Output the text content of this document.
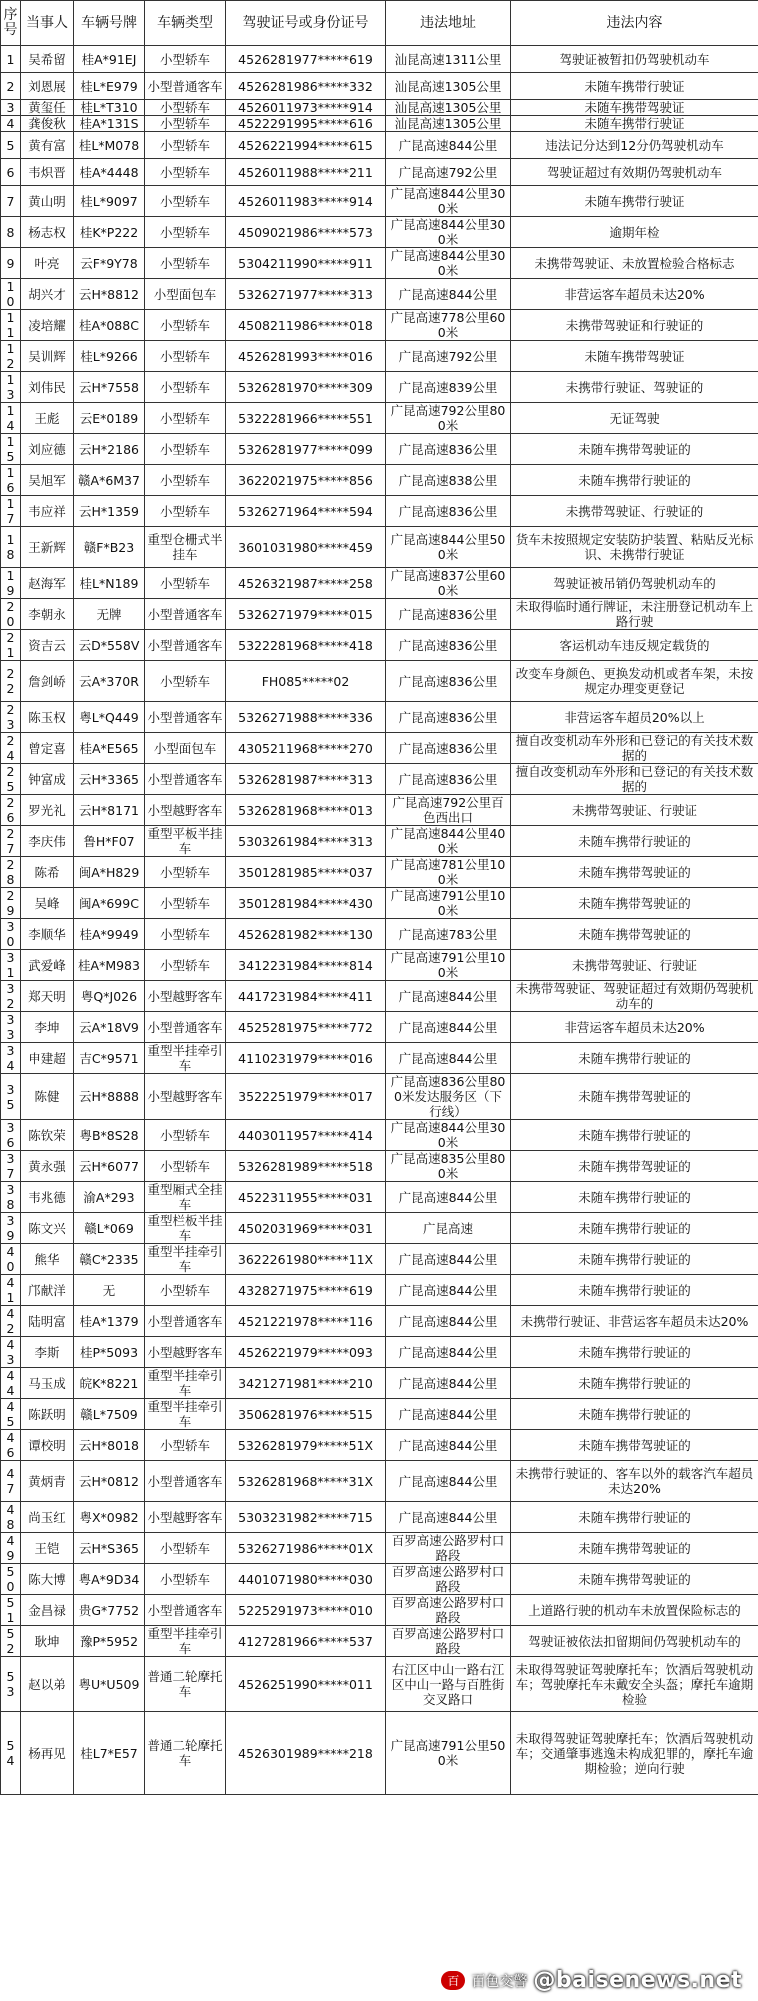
序号	当事人	车辆号牌	车辆类型	驾驶证号或身份证号	违法地址	违法内容
1	吴希留	桂A*91EJ	小型轿车	4526281977*****619	汕昆高速1311公里	驾驶证被暂扣仍驾驶机动车
2	刘恩展	桂L*E979	小型普通客车	4526281986*****332	汕昆高速1305公里	未随车携带行驶证
3	黄玺任	桂L*T310	小型轿车	4526011973*****914	汕昆高速1305公里	未随车携带驾驶证
4	龚俊秋	桂A*131S	小型轿车	4522291995*****616	汕昆高速1305公里	未随车携带行驶证
5	黄有富	桂L*M078	小型轿车	4526221994*****615	广昆高速844公里	违法记分达到12分仍驾驶机动车
6	韦炽晋	桂A*4448	小型轿车	4526011988*****211	广昆高速792公里	驾驶证超过有效期仍驾驶机动车
7	黄山明	桂L*9097	小型轿车	4526011983*****914	广昆高速844公里300米	未随车携带行驶证
8	杨志权	桂K*P222	小型轿车	4509021986*****573	广昆高速844公里300米	逾期年检
9	叶亮	云F*9Y78	小型轿车	5304211990*****911	广昆高速844公里300米	未携带驾驶证、未放置检验合格标志
10	胡兴才	云H*8812	小型面包车	5326271977*****313	广昆高速844公里	非营运客车超员未达20%
11	凌培耀	桂A*088C	小型轿车	4508211986*****018	广昆高速778公里600米	未携带驾驶证和行驶证的
12	吴训辉	桂L*9266	小型轿车	4526281993*****016	广昆高速792公里	未随车携带驾驶证
13	刘伟民	云H*7558	小型轿车	5326281970*****309	广昆高速839公里	未携带行驶证、驾驶证的
14	王彪	云E*0189	小型轿车	5322281966*****551	广昆高速792公里800米	无证驾驶
15	刘应德	云H*2186	小型轿车	5326281977*****099	广昆高速836公里	未随车携带驾驶证的
16	吴旭军	赣A*6M37	小型轿车	3622021975*****856	广昆高速838公里	未随车携带行驶证的
17	韦应祥	云H*1359	小型轿车	5326271964*****594	广昆高速836公里	未携带驾驶证、行驶证的
18	王新辉	赣F*B23	重型仓栅式半挂车	3601031980*****459	广昆高速844公里500米	货车未按照规定安装防护装置、粘贴反光标识、未携带行驶证
19	赵海军	桂L*N189	小型轿车	4526321987*****258	广昆高速837公里600米	驾驶证被吊销仍驾驶机动车的
20	李朝永	无牌	小型普通客车	5326271979*****015	广昆高速836公里	未取得临时通行牌证，未注册登记机动车上路行驶
21	资吉云	云D*558V	小型普通客车	5322281968*****418	广昆高速836公里	客运机动车违反规定载货的
22	詹剑峤	云A*370R	小型轿车	FH085*****02	广昆高速836公里	改变车身颜色、更换发动机或者车架，未按规定办理变更登记
23	陈玉权	粤L*Q449	小型普通客车	5326271988*****336	广昆高速836公里	非营运客车超员20%以上
24	曾定喜	桂A*E565	小型面包车	4305211968*****270	广昆高速836公里	擅自改变机动车外形和已登记的有关技术数据的
25	钟富成	云H*3365	小型普通客车	5326281987*****313	广昆高速836公里	擅自改变机动车外形和已登记的有关技术数据的
26	罗光礼	云H*8171	小型越野客车	5326281968*****013	广昆高速792公里百色西出口	未携带驾驶证、行驶证
27	李庆伟	鲁H*F07	重型平板半挂车	5303261984*****313	广昆高速844公里400米	未随车携带行驶证的
28	陈希	闽A*H829	小型轿车	3501281985*****037	广昆高速781公里100米	未随车携带驾驶证的
29	吴峰	闽A*699C	小型轿车	3501281984*****430	广昆高速791公里100米	未随车携带驾驶证的
30	李顺华	桂A*9949	小型轿车	4526281982*****130	广昆高速783公里	未随车携带驾驶证的
31	武爱峰	桂A*M983	小型轿车	3412231984*****814	广昆高速791公里100米	未携带驾驶证、行驶证
32	郑天明	粤Q*J026	小型越野客车	4417231984*****411	广昆高速844公里	未携带驾驶证、驾驶证超过有效期仍驾驶机动车的
33	李坤	云A*18V9	小型普通客车	4525281975*****772	广昆高速844公里	非营运客车超员未达20%
34	申建超	吉C*9571	重型半挂牵引车	4110231979*****016	广昆高速844公里	未随车携带行驶证的
35	陈健	云H*8888	小型越野客车	3522251979*****017	广昆高速836公里800米发达服务区（下行线）	未随车携带驾驶证的
36	陈钦荣	粤B*8S28	小型轿车	4403011957*****414	广昆高速844公里300米	未随车携带行驶证的
37	黄永强	云H*6077	小型轿车	5326281989*****518	广昆高速835公里800米	未随车携带驾驶证的
38	韦兆德	渝A*293	重型厢式全挂车	4522311955*****031	广昆高速844公里	未随车携带行驶证的
39	陈文兴	赣L*069	重型栏板半挂车	4502031969*****031	广昆高速	未随车携带行驶证的
40	熊华	赣C*2335	重型半挂牵引车	3622261980*****11X	广昆高速844公里	未随车携带行驶证的
41	邝献洋	无	小型轿车	4328271975*****619	广昆高速844公里	未随车携带行驶证的
42	陆明富	桂A*1379	小型普通客车	4521221978*****116	广昆高速844公里	未携带行驶证、非营运客车超员未达20%
43	李斯	桂P*5093	小型越野客车	4526221979*****093	广昆高速844公里	未随车携带行驶证的
44	马玉成	皖K*8221	重型半挂牵引车	3421271981*****210	广昆高速844公里	未随车携带行驶证的
45	陈跃明	赣L*7509	重型半挂牵引车	3506281976*****515	广昆高速844公里	未随车携带行驶证的
46	谭校明	云H*8018	小型轿车	5326281979*****51X	广昆高速844公里	未随车携带驾驶证的
47	黄炳青	云H*0812	小型普通客车	5326281968*****31X	广昆高速844公里	未携带行驶证的、客车以外的载客汽车超员未达20%
48	尚玉红	粤X*0982	小型越野客车	5303231982*****715	广昆高速844公里	未随车携带行驶证的
49	王铠	云H*S365	小型轿车	5326271986*****01X	百罗高速公路罗村口路段	未随车携带驾驶证的
50	陈大博	粤A*9D34	小型轿车	4401071980*****030	百罗高速公路罗村口路段	未随车携带驾驶证的
51	金昌禄	贵G*7752	小型普通客车	5225291973*****010	百罗高速公路罗村口路段	上道路行驶的机动车未放置保险标志的
52	耿坤	豫P*5952	重型半挂牵引车	4127281966*****537	百罗高速公路罗村口路段	驾驶证被依法扣留期间仍驾驶机动车的
53	赵以弟	粤U*U509	普通二轮摩托车	4526251990*****011	右江区中山一路右江区中山一路与百胜街交叉路口	未取得驾驶证驾驶摩托车；饮酒后驾驶机动车；驾驶摩托车未戴安全头盔；摩托车逾期检验
54	杨再见	桂L7*E57	普通二轮摩托车	4526301989*****218	广昆高速791公里500米	未取得驾驶证驾驶摩托车；饮酒后驾驶机动车；交通肇事逃逸未构成犯罪的，摩托车逾期检验；逆向行驶
百 百色交警 @baisenews.net
